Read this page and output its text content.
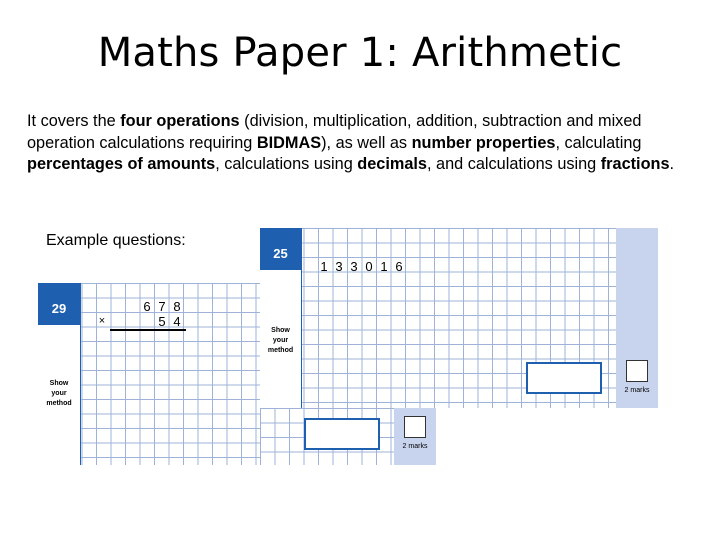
Maths Paper 1: Arithmetic
It covers the four operations (division, multiplication, addition, subtraction and mixed operation calculations requiring BIDMAS), as well as number properties, calculating percentages of amounts, calculations using decimals, and calculations using fractions.
Example questions:
29
Show
your
method
6 7 8
×	5 4
25
Show
your
method
1 3 3 0 1 6
2 marks
2 marks
